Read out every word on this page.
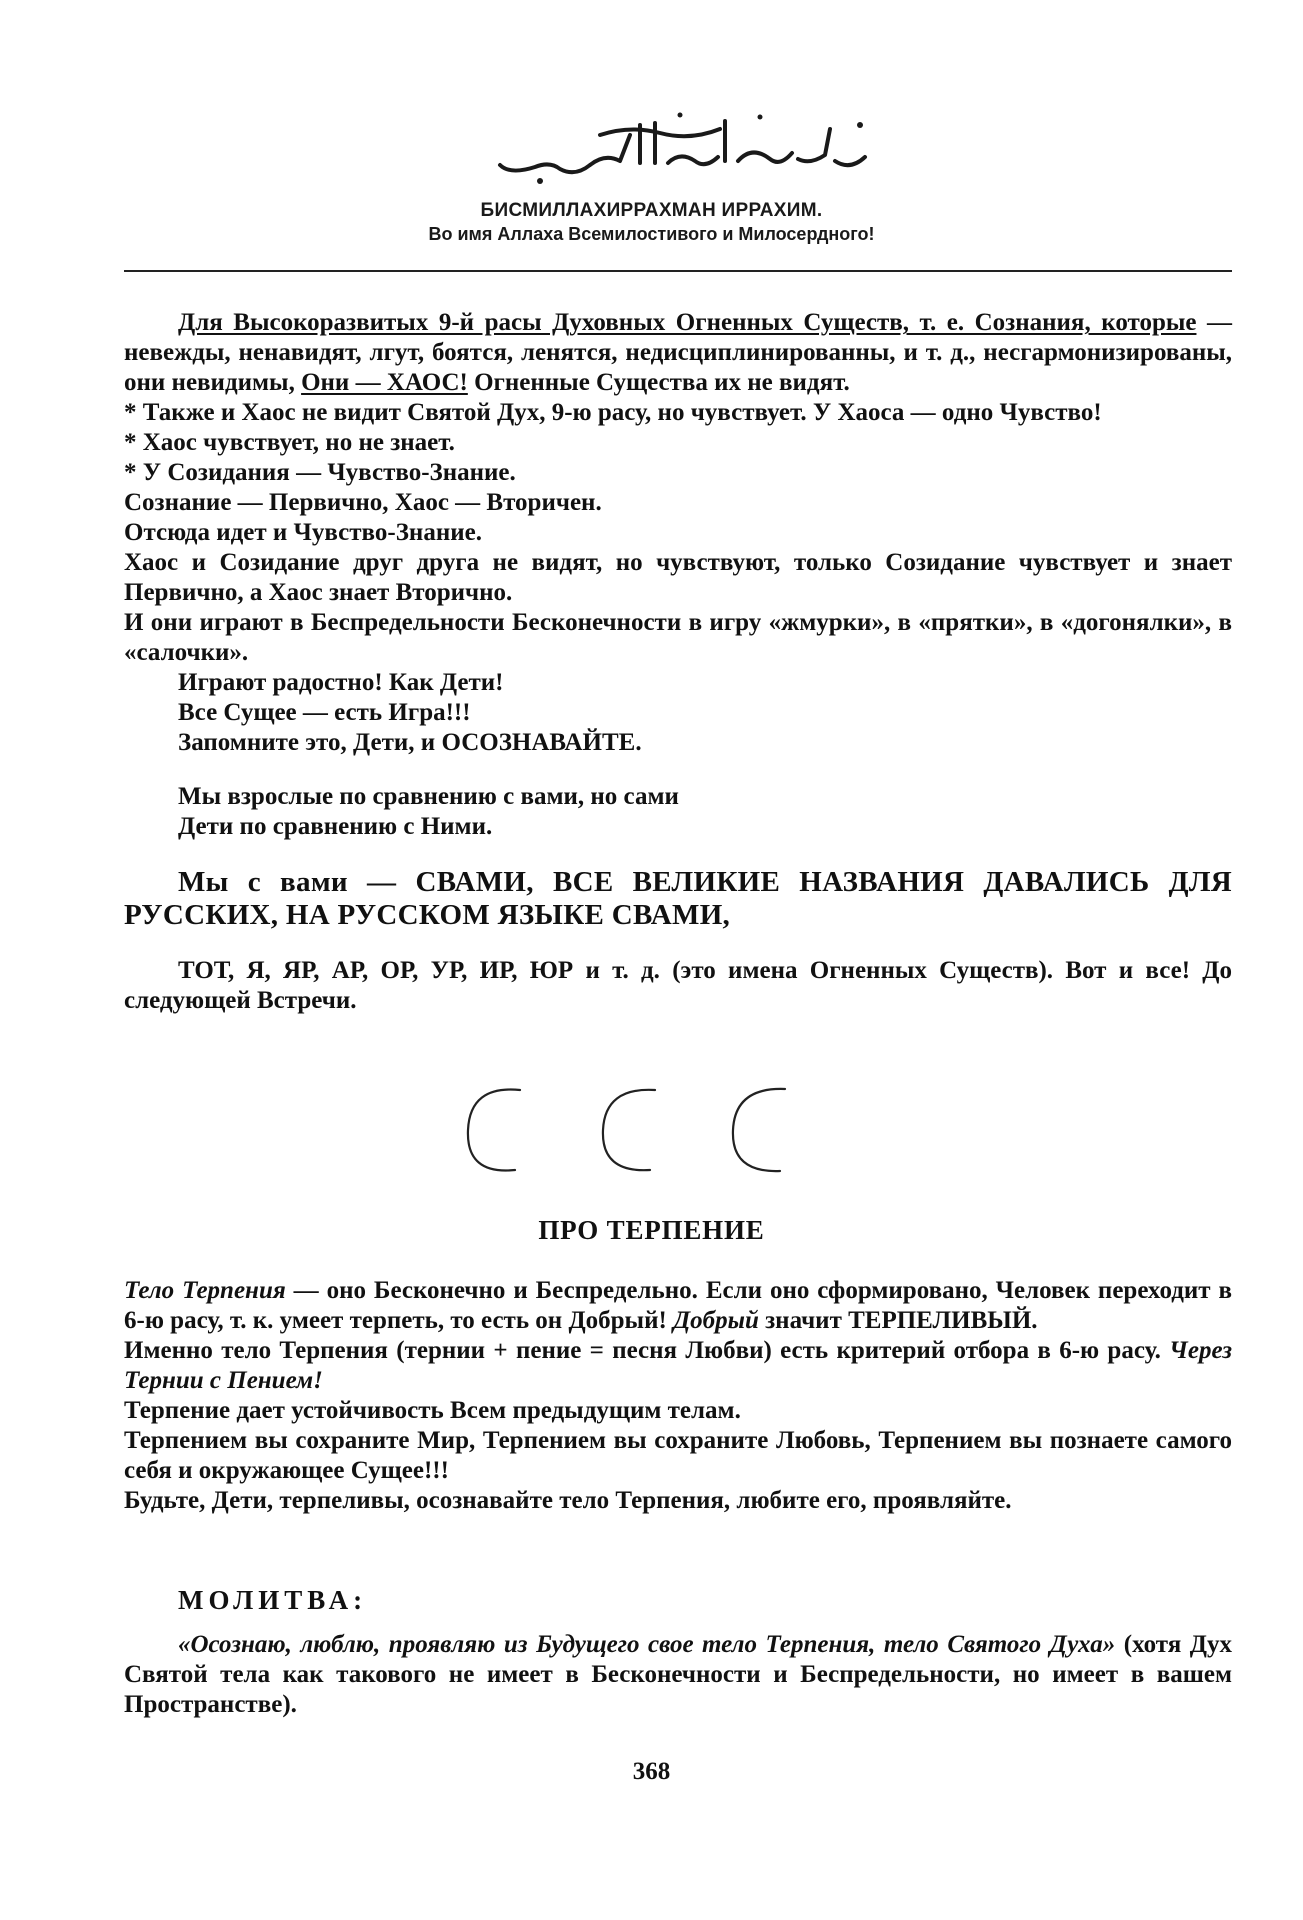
БИСМИЛЛАХИРРАХМАН ИРРАХИМ.
Во имя Аллаха Всемилостивого и Милосердного!

Для Высокоразвитых 9-й расы Духовных Огненных Существ, т. е. Сознания, которые — невежды, ненавидят, лгут, боятся, ленятся, недисциплинированны, и т. д., несгармонизированы, они невидимы, Они — ХАОС! Огненные Существа их не видят.

* Также и Хаос не видит Святой Дух, 9-ю расу, но чувствует. У Хаоса — одно Чувство!

* Хаос чувствует, но не знает.

* У Созидания — Чувство-Знание.

Сознание — Первично, Хаос — Вторичен.

Отсюда идет и Чувство-Знание.

Хаос и Созидание друг друга не видят, но чувствуют, только Созидание чувствует и знает Первично, а Хаос знает Вторично.

И они играют в Беспредельности Бесконечности в игру «жмурки», в «прятки», в «догонялки», в «салочки».

Играют радостно! Как Дети!

Все Сущее — есть Игра!!!

Запомните это, Дети, и ОСОЗНАВАЙТЕ.

Мы взрослые по сравнению с вами, но сами

Дети по сравнению с Ними.

Мы с вами — СВАМИ, ВСЕ ВЕЛИКИЕ НАЗВАНИЯ ДАВАЛИСЬ ДЛЯ РУССКИХ, НА РУССКОМ ЯЗЫКЕ СВАМИ,

ТОТ, Я, ЯР, АР, ОР, УР, ИР, ЮР и т. д. (это имена Огненных Существ). Вот и все! До следующей Встречи.

ПРО ТЕРПЕНИЕ

Тело Терпения — оно Бесконечно и Беспредельно. Если оно сформировано, Человек переходит в 6-ю расу, т. к. умеет терпеть, то есть он Добрый! Добрый значит ТЕРПЕЛИВЫЙ.

Именно тело Терпения (тернии + пение = песня Любви) есть критерий отбора в 6-ю расу. Через Тернии с Пением!

Терпение дает устойчивость Всем предыдущим телам.

Терпением вы сохраните Мир, Терпением вы сохраните Любовь, Терпением вы познаете самого себя и окружающее Сущее!!!

Будьте, Дети, терпеливы, осознавайте тело Терпения, любите его, проявляйте.

МОЛИТВА:

«Осознаю, люблю, проявляю из Будущего свое тело Терпения, тело Святого Духа» (хотя Дух Святой тела как такового не имеет в Бесконечности и Беспредельности, но имеет в вашем Пространстве).

368
